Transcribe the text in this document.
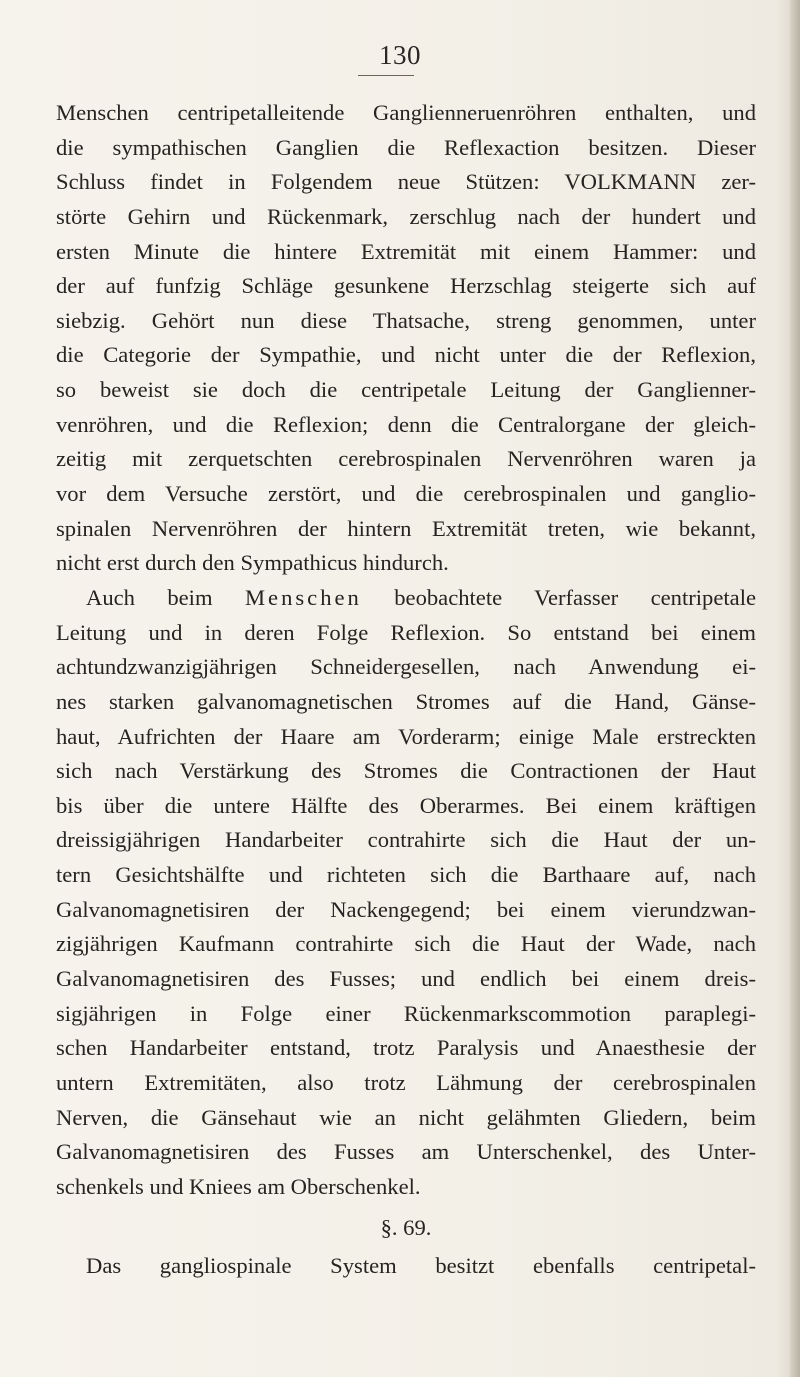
130
Menschen centripetalleitende Ganglienneruenröhren enthalten, und
die sympathischen Ganglien die Reflexaction besitzen. Dieser
Schluss findet in Folgendem neue Stützen: VOLKMANN zer-
störte Gehirn und Rückenmark, zerschlug nach der hundert und
ersten Minute die hintere Extremität mit einem Hammer: und
der auf funfzig Schläge gesunkene Herzschlag steigerte sich auf
siebzig. Gehört nun diese Thatsache, streng genommen, unter
die Categorie der Sympathie, und nicht unter die der Reflexion,
so beweist sie doch die centripetale Leitung der Ganglienner-
venröhren, und die Reflexion; denn die Centralorgane der gleich-
zeitig mit zerquetschten cerebrospinalen Nervenröhren waren ja
vor dem Versuche zerstört, und die cerebrospinalen und ganglio-
spinalen Nervenröhren der hintern Extremität treten, wie bekannt,
nicht erst durch den Sympathicus hindurch.
Auch beim Menschen beobachtete Verfasser centripetale
Leitung und in deren Folge Reflexion. So entstand bei einem
achtundzwanzigjährigen Schneidergesellen, nach Anwendung ei-
nes starken galvanomagnetischen Stromes auf die Hand, Gänse-
haut, Aufrichten der Haare am Vorderarm; einige Male erstreckten
sich nach Verstärkung des Stromes die Contractionen der Haut
bis über die untere Hälfte des Oberarmes. Bei einem kräftigen
dreissigjährigen Handarbeiter contrahirte sich die Haut der un-
tern Gesichtshälfte und richteten sich die Barthaare auf, nach
Galvanomagnetisiren der Nackengegend; bei einem vierundzwan-
zigjährigen Kaufmann contrahirte sich die Haut der Wade, nach
Galvanomagnetisiren des Fusses; und endlich bei einem dreis-
sigjährigen in Folge einer Rückenmarkscommotion paraplegi-
schen Handarbeiter entstand, trotz Paralysis und Anaesthesie der
untern Extremitäten, also trotz Lähmung der cerebrospinalen
Nerven, die Gänsehaut wie an nicht gelähmten Gliedern, beim
Galvanomagnetisiren des Fusses am Unterschenkel, des Unter-
schenkels und Kniees am Oberschenkel.
§. 69.
Das gangliospinale System besitzt ebenfalls centripetal-
